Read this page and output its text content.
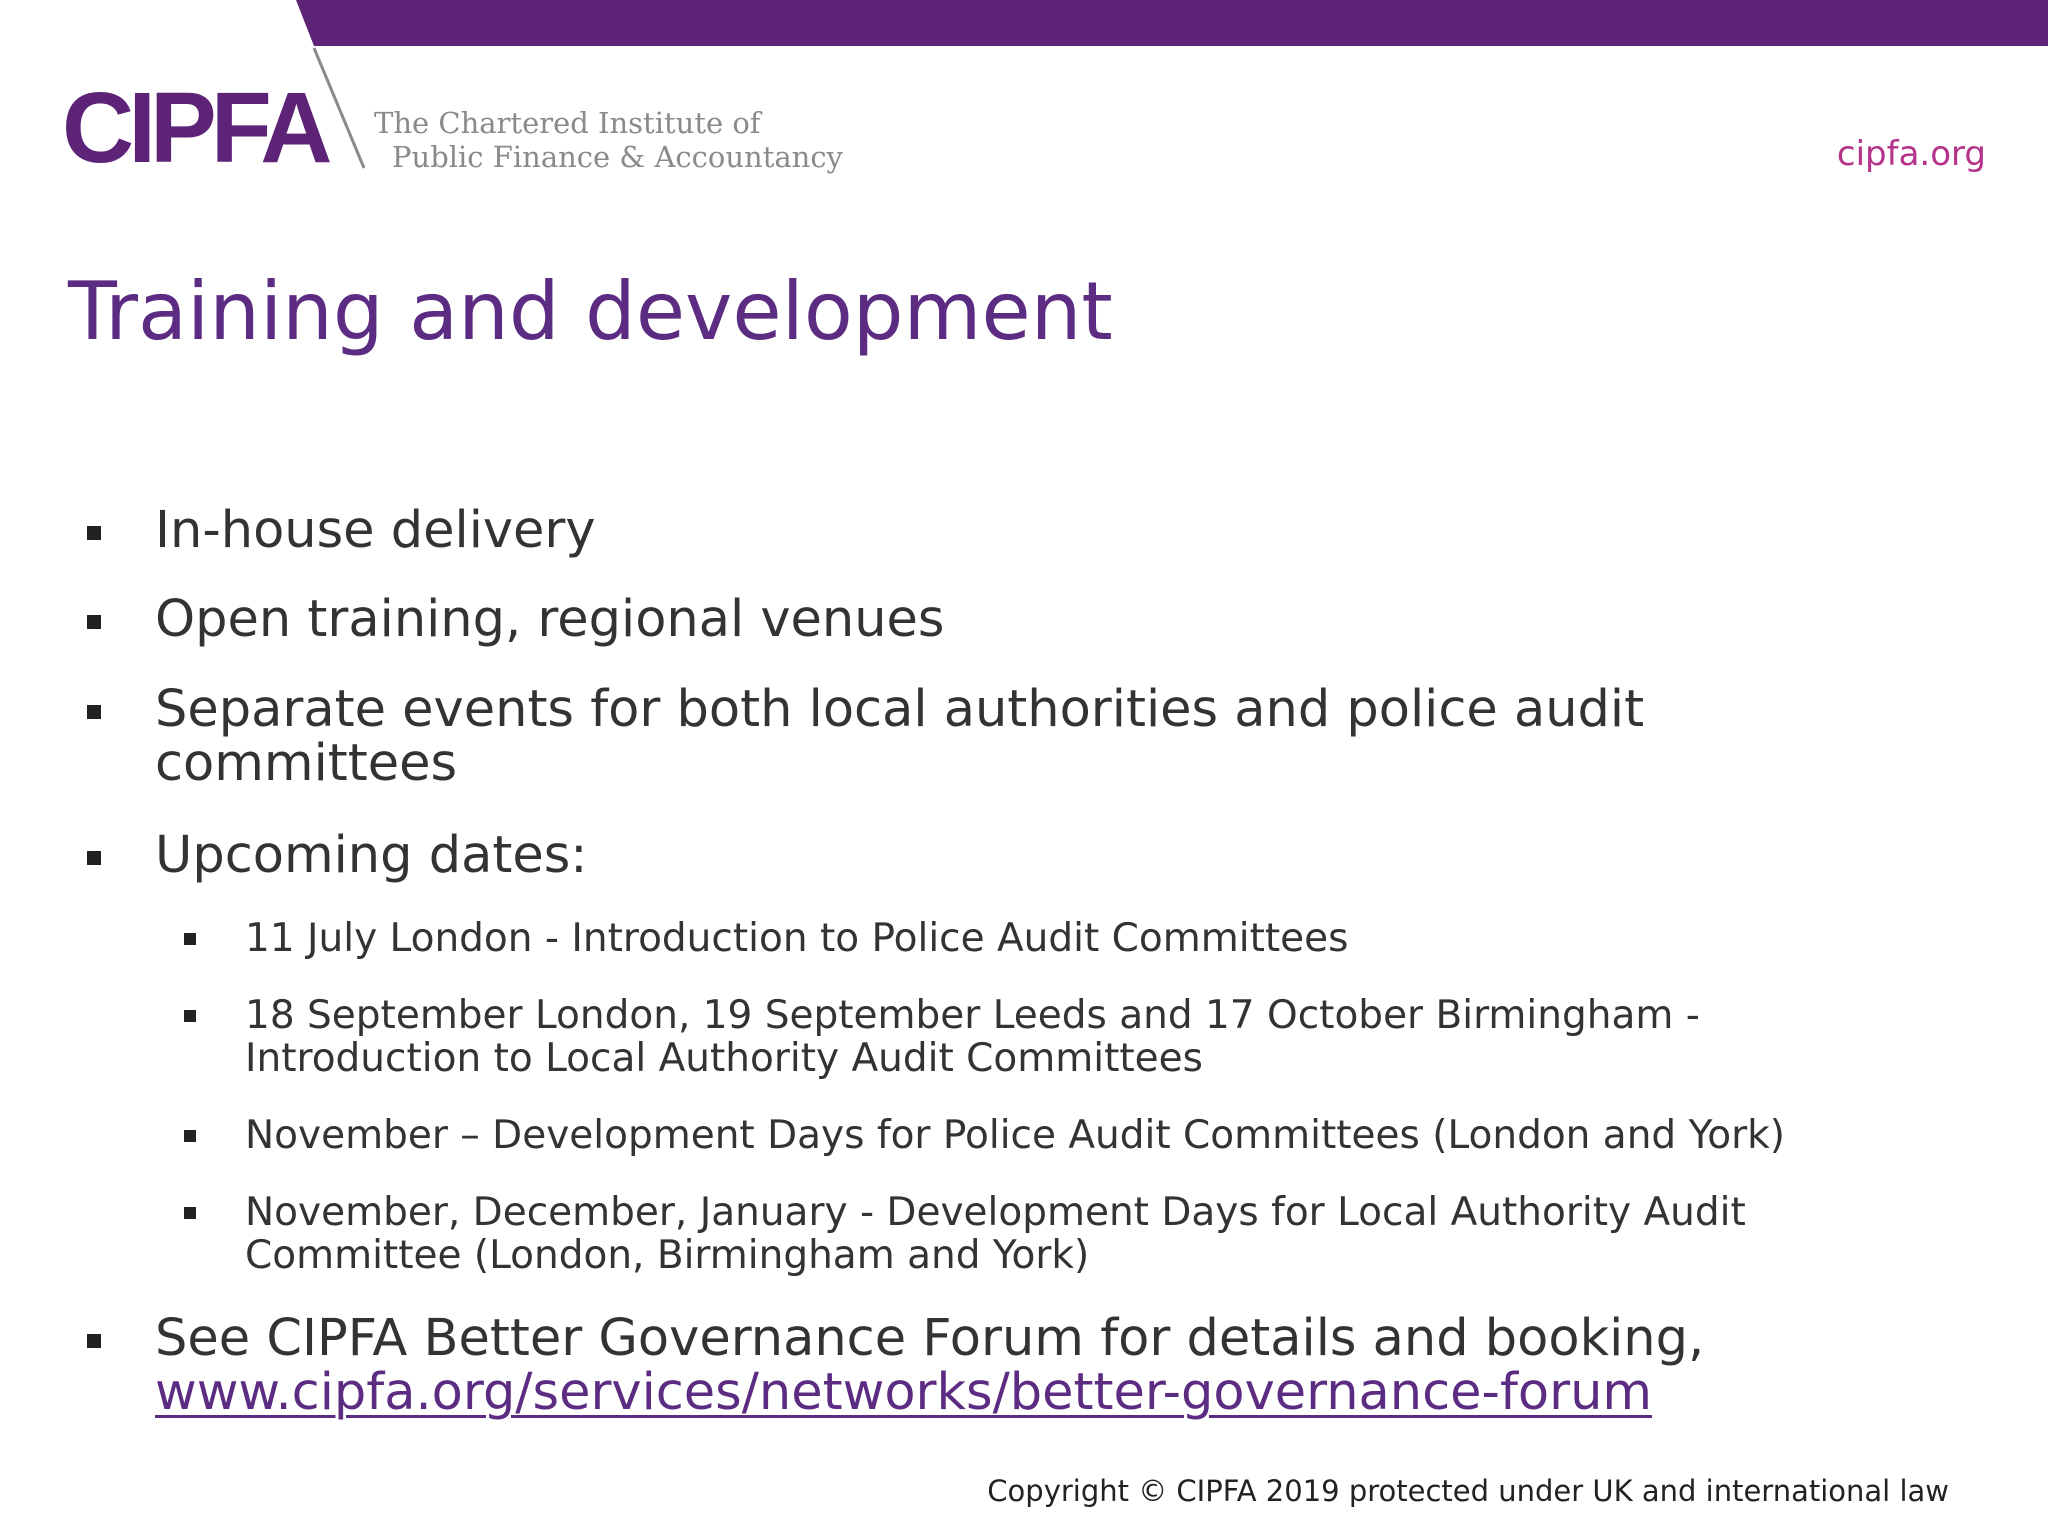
CIPFA The Chartered Institute of
Public Finance & Accountancy	cipfa.org
Training and development
In-house delivery
Open training, regional venues
Separate events for both local authorities and police audit committees
Upcoming dates:
11 July London - Introduction to Police Audit Committees
18 September London, 19 September Leeds and 17 October Birmingham - Introduction to Local Authority Audit Committees
November – Development Days for Police Audit Committees (London and York)
November, December, January - Development Days for Local Authority Audit Committee (London, Birmingham and York)
See CIPFA Better Governance Forum for details and booking,
www.cipfa.org/services/networks/better-governance-forum
Copyright © CIPFA 2019 protected under UK and international law
